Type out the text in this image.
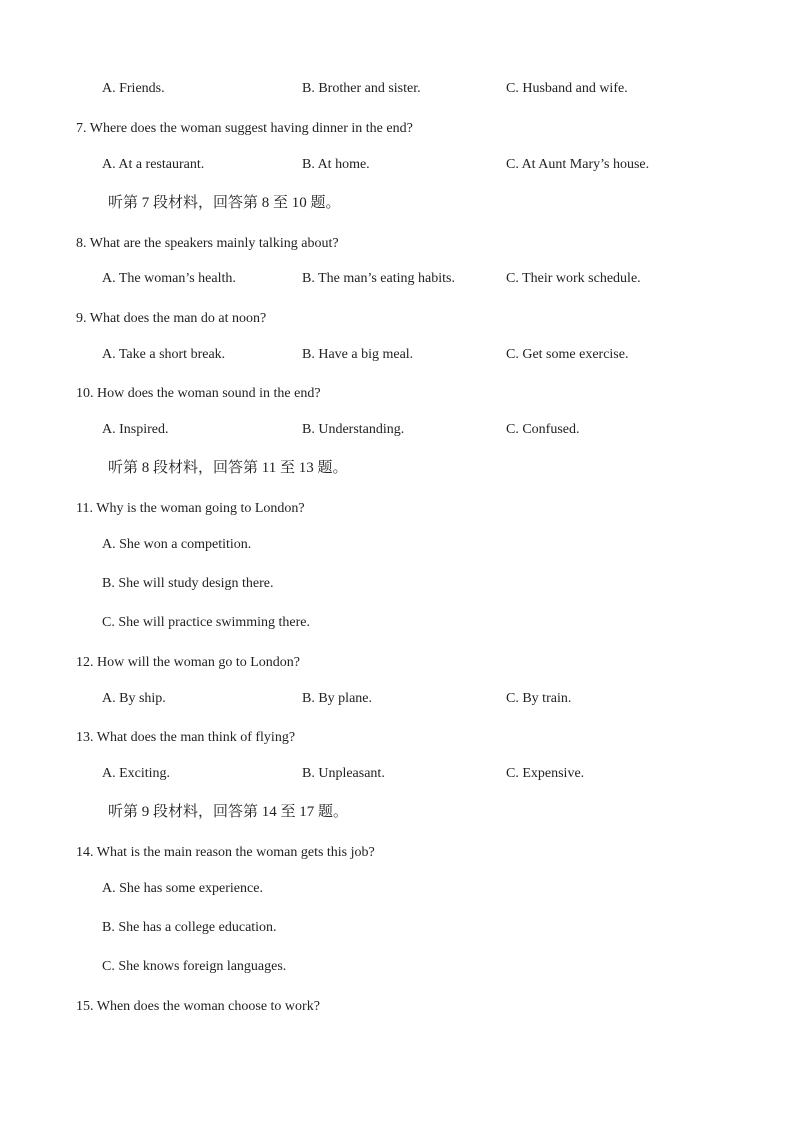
A. Friends.	B. Brother and sister.	C. Husband and wife.
7. Where does the woman suggest having dinner in the end?
A. At a restaurant.	B. At home.	C. At Aunt Mary’s house.
听第 7 段材料，回答第 8 至 10 题。
8. What are the speakers mainly talking about?
A. The woman’s health.	B. The man’s eating habits.	C. Their work schedule.
9. What does the man do at noon?
A. Take a short break.	B. Have a big meal.	C. Get some exercise.
10. How does the woman sound in the end?
A. Inspired.	B. Understanding.	C. Confused.
听第 8 段材料，回答第 11 至 13 题。
11. Why is the woman going to London?
A. She won a competition.
B. She will study design there.
C. She will practice swimming there.
12. How will the woman go to London?
A. By ship.	B. By plane.	C. By train.
13. What does the man think of flying?
A. Exciting.	B. Unpleasant.	C. Expensive.
听第 9 段材料，回答第 14 至 17 题。
14. What is the main reason the woman gets this job?
A. She has some experience.
B. She has a college education.
C. She knows foreign languages.
15. When does the woman choose to work?
